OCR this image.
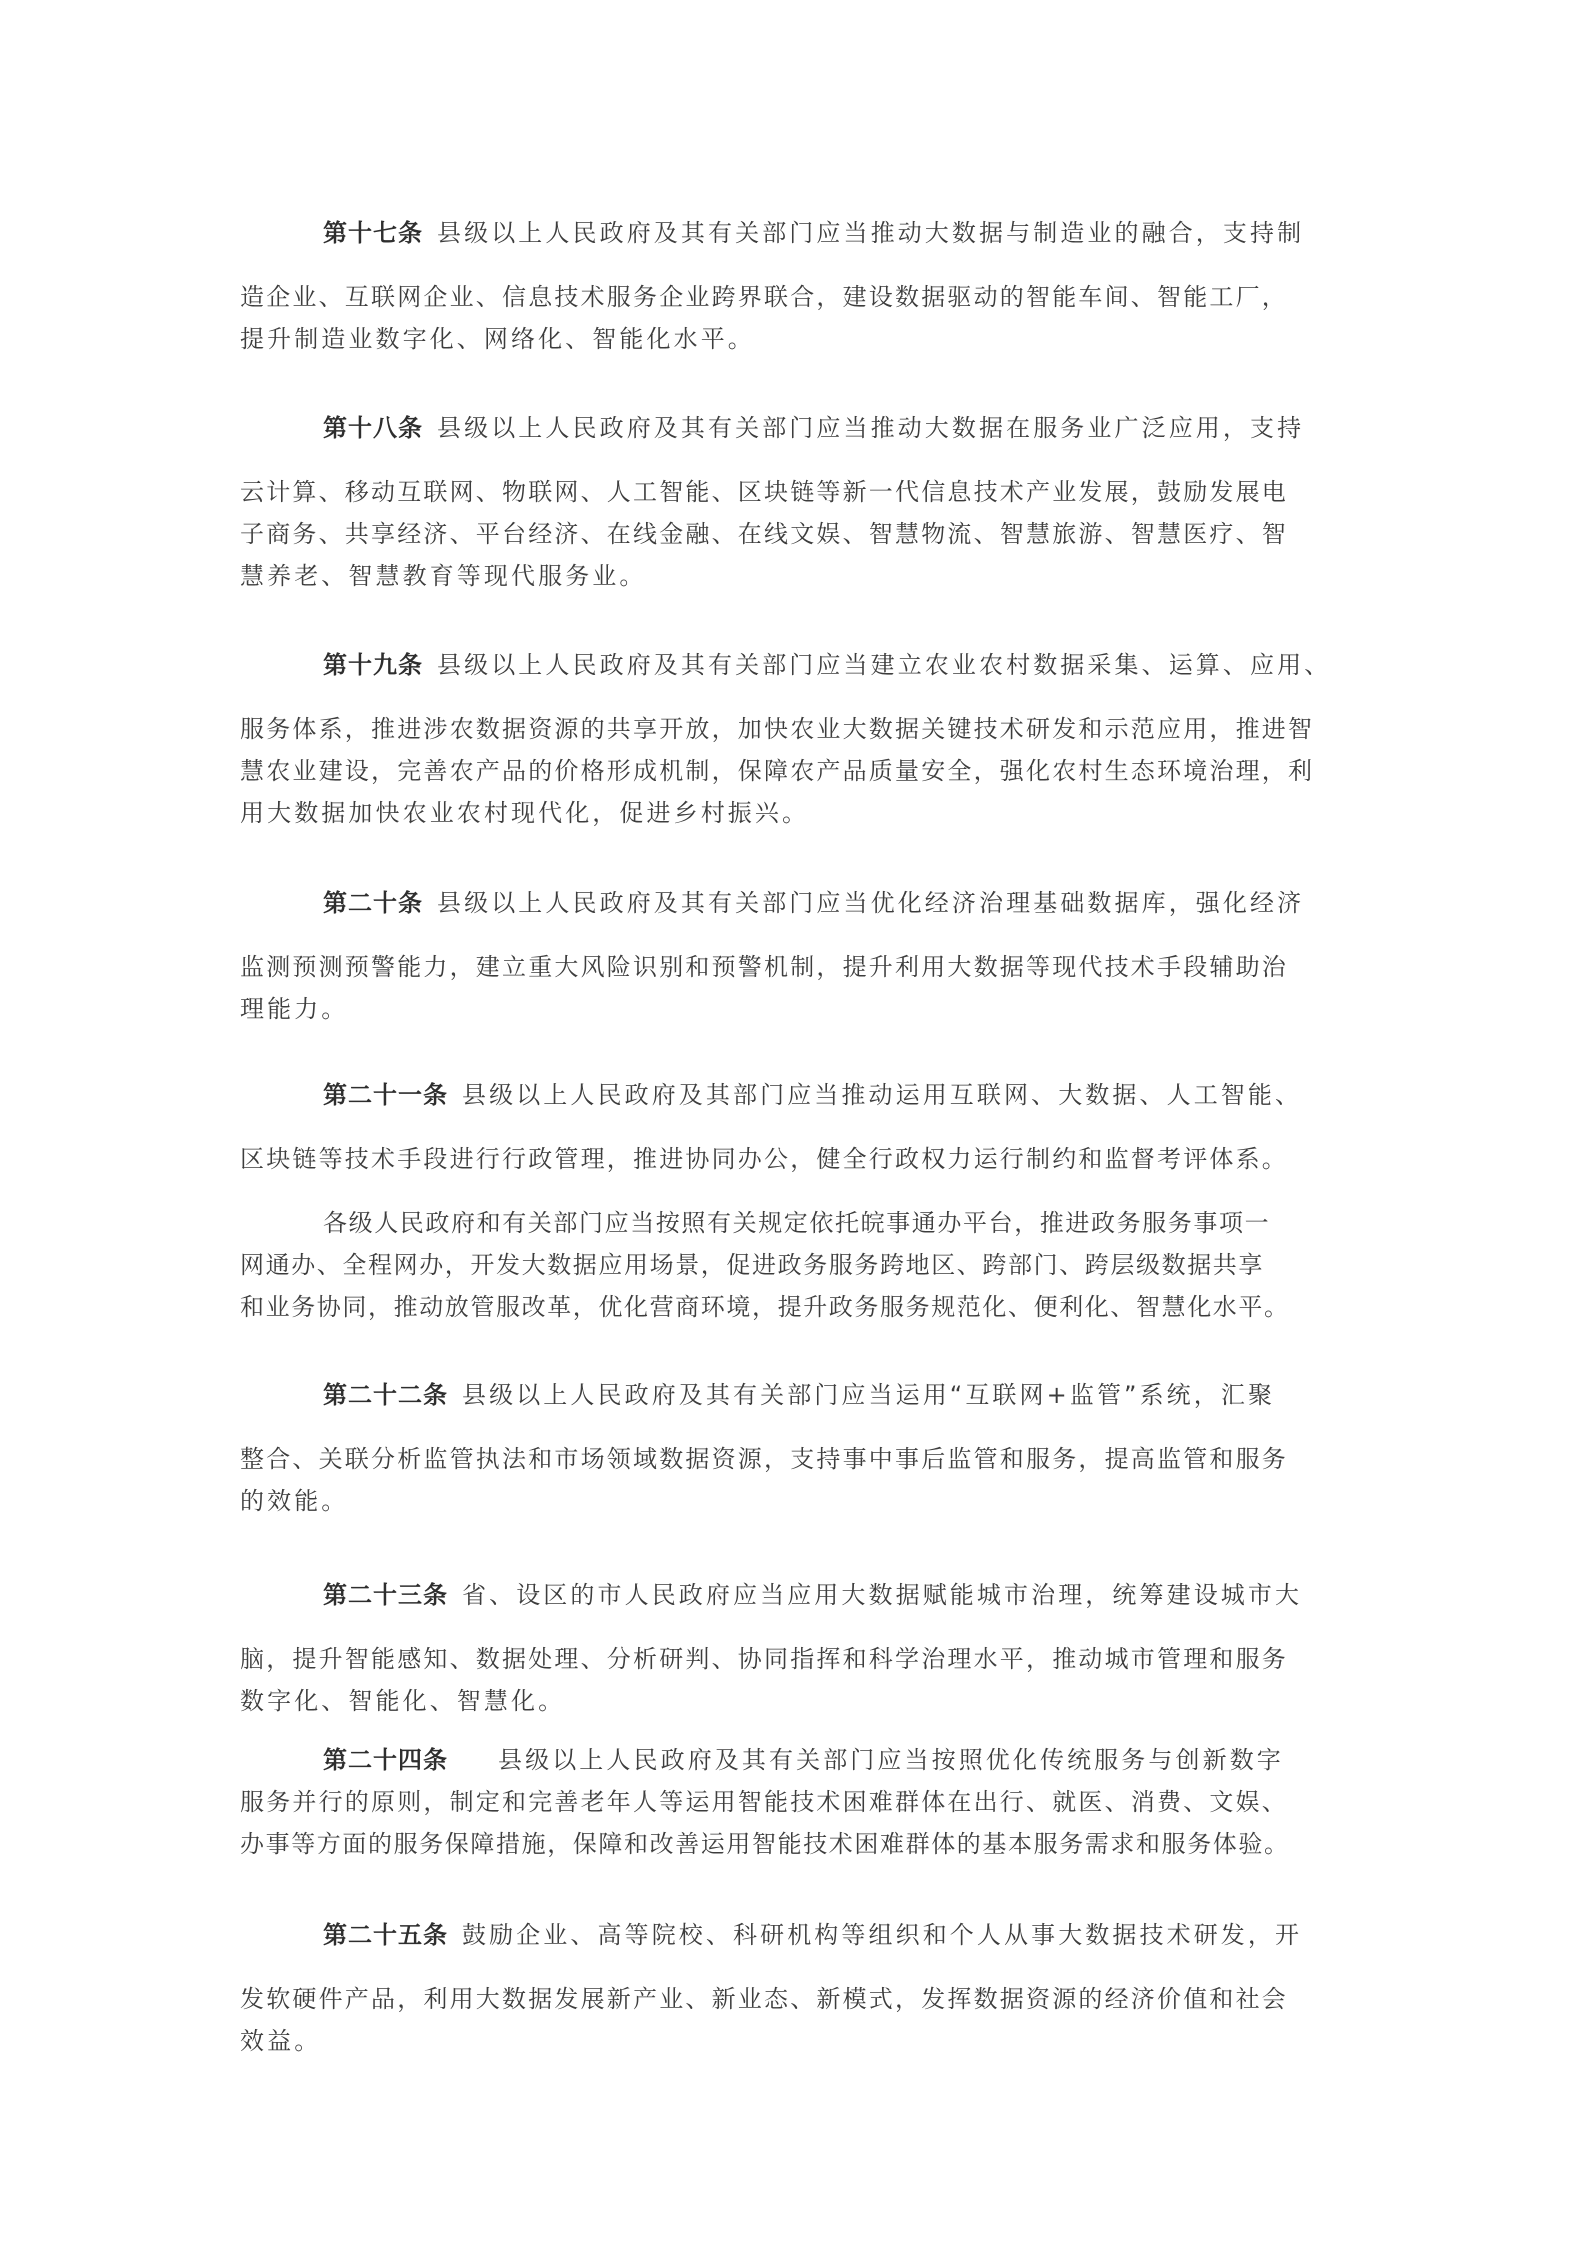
第十七条 县级以上人民政府及其有关部门应当推动大数据与制造业的融合，支持制
造企业、互联网企业、信息技术服务企业跨界联合，建设数据驱动的智能车间、智能工厂，
提升制造业数字化、网络化、智能化水平。
第十八条 县级以上人民政府及其有关部门应当推动大数据在服务业广泛应用，支持
云计算、移动互联网、物联网、人工智能、区块链等新一代信息技术产业发展，鼓励发展电
子商务、共享经济、平台经济、在线金融、在线文娱、智慧物流、智慧旅游、智慧医疗、智
慧养老、智慧教育等现代服务业。
第十九条 县级以上人民政府及其有关部门应当建立农业农村数据采集、运算、应用、
服务体系，推进涉农数据资源的共享开放，加快农业大数据关键技术研发和示范应用，推进智
慧农业建设，完善农产品的价格形成机制，保障农产品质量安全，强化农村生态环境治理，利
用大数据加快农业农村现代化，促进乡村振兴。
第二十条 县级以上人民政府及其有关部门应当优化经济治理基础数据库，强化经济
监测预测预警能力，建立重大风险识别和预警机制，提升利用大数据等现代技术手段辅助治
理能力。
第二十一条 县级以上人民政府及其部门应当推动运用互联网、大数据、人工智能、
区块链等技术手段进行行政管理，推进协同办公，健全行政权力运行制约和监督考评体系。
各级人民政府和有关部门应当按照有关规定依托皖事通办平台，推进政务服务事项一
网通办、全程网办，开发大数据应用场景，促进政务服务跨地区、跨部门、跨层级数据共享
和业务协同，推动放管服改革，优化营商环境，提升政务服务规范化、便利化、智慧化水平。
第二十二条 县级以上人民政府及其有关部门应当运用“互联网+监管”系统，汇聚
整合、关联分析监管执法和市场领域数据资源，支持事中事后监管和服务，提高监管和服务
的效能。
第二十三条 省、设区的市人民政府应当应用大数据赋能城市治理，统筹建设城市大
脑，提升智能感知、数据处理、分析研判、协同指挥和科学治理水平，推动城市管理和服务
数字化、智能化、智慧化。
第二十四条 县级以上人民政府及其有关部门应当按照优化传统服务与创新数字
服务并行的原则，制定和完善老年人等运用智能技术困难群体在出行、就医、消费、文娱、
办事等方面的服务保障措施，保障和改善运用智能技术困难群体的基本服务需求和服务体验。
第二十五条 鼓励企业、高等院校、科研机构等组织和个人从事大数据技术研发，开
发软硬件产品，利用大数据发展新产业、新业态、新模式，发挥数据资源的经济价值和社会
效益。
